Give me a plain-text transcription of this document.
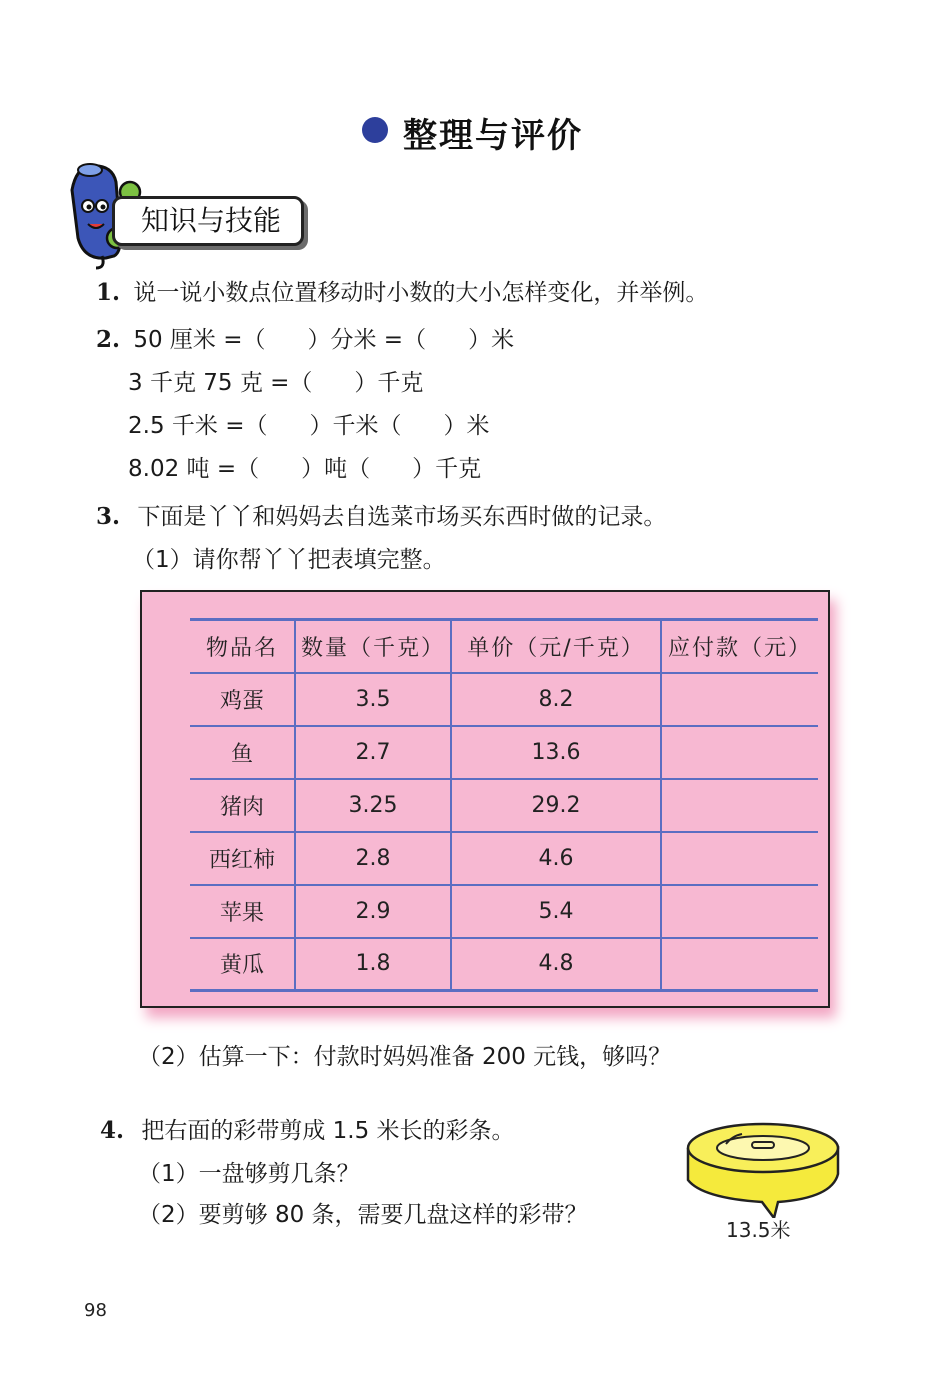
整理与评价
知识与技能
1. 说一说小数点位置移动时小数的大小怎样变化，并举例。
2. 50 厘米 =（ ）分米 =（ ）米
3 千克 75 克 =（ ）千克
2.5 千米 =（ ）千米（ ）米
8.02 吨 =（ ）吨（ ）千克
3. 下面是丫丫和妈妈去自选菜市场买东西时做的记录。
（1）请你帮丫丫把表填完整。
物品名	数量（千克）	单价（元/千克）	应付款（元）
鸡蛋	3.5	8.2	
鱼	2.7	13.6	
猪肉	3.25	29.2	
西红柿	2.8	4.6	
苹果	2.9	5.4	
黄瓜	1.8	4.8	
（2）估算一下：付款时妈妈准备 200 元钱，够吗？
4. 把右面的彩带剪成 1.5 米长的彩条。
（1）一盘够剪几条？
（2）要剪够 80 条，需要几盘这样的彩带？
13.5米
98
